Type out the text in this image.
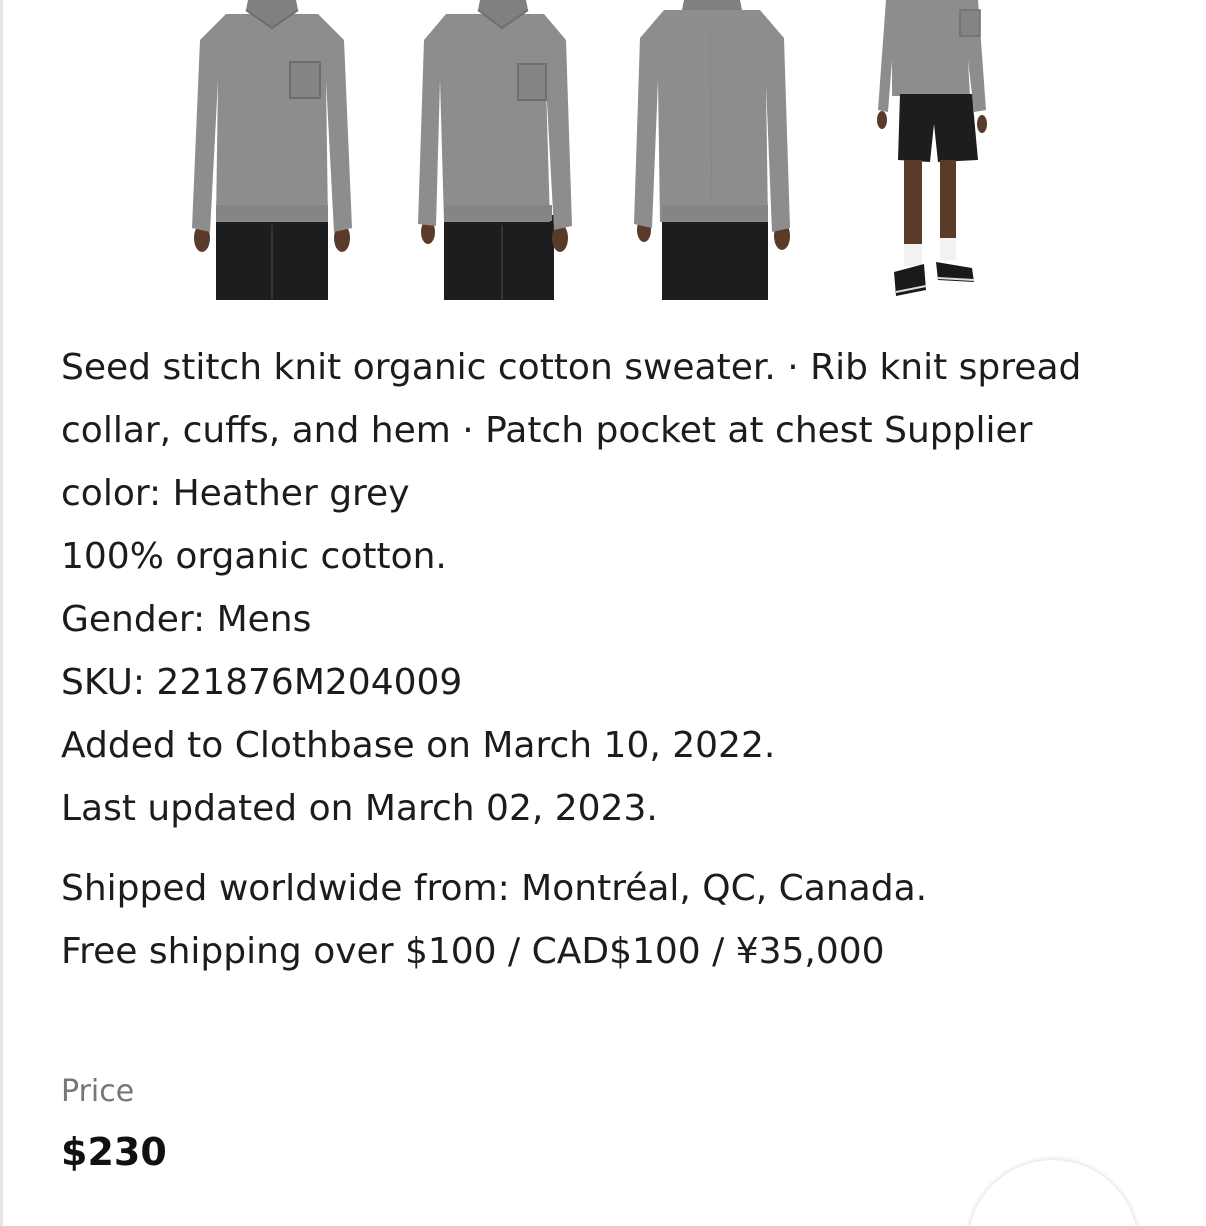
Seed stitch knit organic cotton sweater. · Rib knit spread collar, cuffs, and hem · Patch pocket at chest Supplier color: Heather grey

100% organic cotton.

Gender: Mens

SKU: 221876M204009

Added to Clothbase on March 10, 2022.

Last updated on March 02, 2023.

Shipped worldwide from: Montréal, QC, Canada.

Free shipping over $100 / CAD$100 / ¥35,000

Price
$230
